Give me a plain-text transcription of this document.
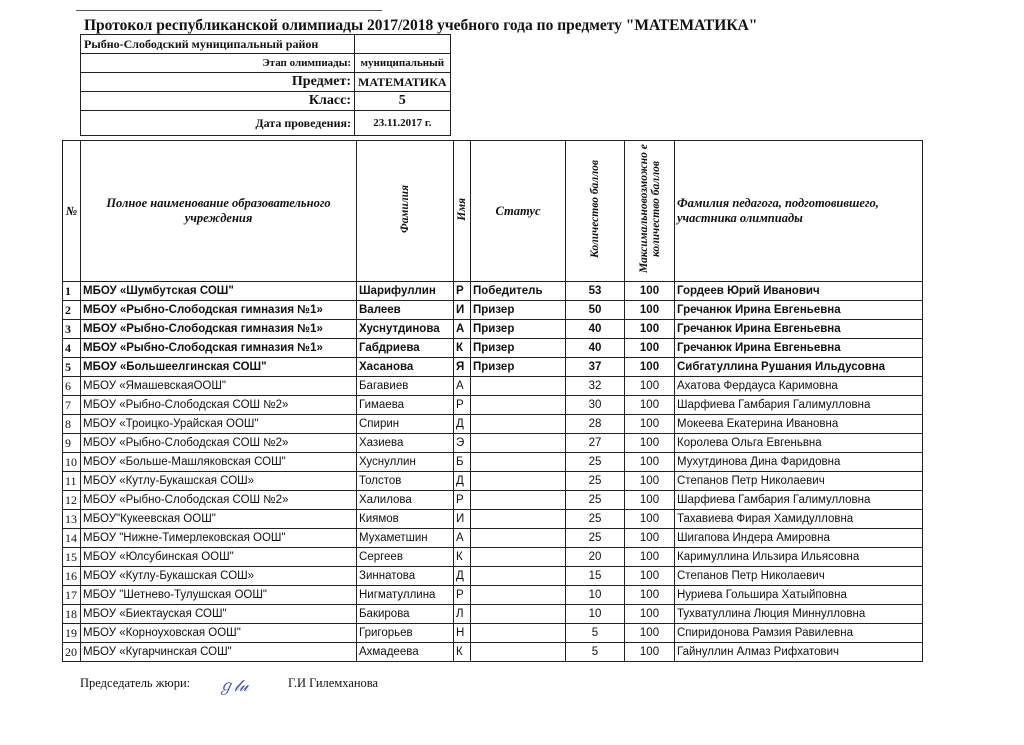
Протокол республиканской олимпиады 2017/2018 учебного года по предмету "МАТЕМАТИКА"
Рыбно-Слободский муниципальный район	
Этап олимпиады:	муниципальный
Предмет:	МАТЕМАТИКА
Класс:	5
Дата проведения:	23.11.2017 г.
№	Полное наименование образовательного учреждения	Фамилия	Имя	Статус	Количество баллов	Максимальновозможно е количество баллов	Фамилия педагога, подготовившего, участника олимпиады
1	МБОУ «Шумбутская СОШ"	Шарифуллин	Р	Победитель	53	100	Гордеев Юрий Иванович
2	МБОУ «Рыбно-Слободская гимназия №1»	Валеев	И	Призер	50	100	Гречанюк Ирина Евгеньевна
3	МБОУ «Рыбно-Слободская гимназия №1»	Хуснутдинова	А	Призер	40	100	Гречанюк Ирина Евгеньевна
4	МБОУ «Рыбно-Слободская гимназия №1»	Габдриева	К	Призер	40	100	Гречанюк Ирина Евгеньевна
5	МБОУ «Большеелгинская СОШ"	Хасанова	Я	Призер	37	100	Сибгатуллина Рушания Ильдусовна
6	МБОУ «ЯмашевскаяООШ"	Багавиев	А		32	100	Ахатова Фердауса Каримовна
7	МБОУ «Рыбно-Слободская СОШ №2»	Гимаева	Р		30	100	Шарфиева Гамбария Галимулловна
8	МБОУ «Троицко-Урайская ООШ"	Спирин	Д		28	100	Мокеева Екатерина Ивановна
9	МБОУ «Рыбно-Слободская СОШ №2»	Хазиева	Э		27	100	Королева Ольга Евгеньвна
10	МБОУ «Больше-Машляковская СОШ"	Хуснуллин	Б		25	100	Мухутдинова Дина Фаридовна
11	МБОУ «Кутлу-Букашская СОШ»	Толстов	Д		25	100	Степанов Петр Николаевич
12	МБОУ «Рыбно-Слободская СОШ №2»	Халилова	Р		25	100	Шарфиева Гамбария Галимулловна
13	МБОУ"Кукеевская ООШ"	Киямов	И		25	100	Тахавиева Фирая Хамидулловна
14	МБОУ "Нижне-Тимерлековская ООШ"	Мухаметшин	А		25	100	Шигапова Индера Амировна
15	МБОУ «Юлсубинская ООШ"	Сергеев	К		20	100	Каримуллина Ильзира Ильясовна
16	МБОУ «Кутлу-Букашская СОШ»	Зиннатова	Д		15	100	Степанов Петр Николаевич
17	МБОУ "Шетнево-Тулушская ООШ"	Нигматуллина	Р		10	100	Нуриева Гольшира Хатыйповна
18	МБОУ «Биектауская СОШ"	Бакирова	Л		10	100	Тухватуллина Люция Миннулловна
19	МБОУ «Корноуховская ООШ"	Григорьев	Н		5	100	Спиридонова Рамзия Равилевна
20	МБОУ «Кугарчинская СОШ"	Ахмадеева	К		5	100	Гайнуллин Алмаз Рифхатович
Председатель жюри: ℊ𝓁𝓊	Г.И Гилемханова
